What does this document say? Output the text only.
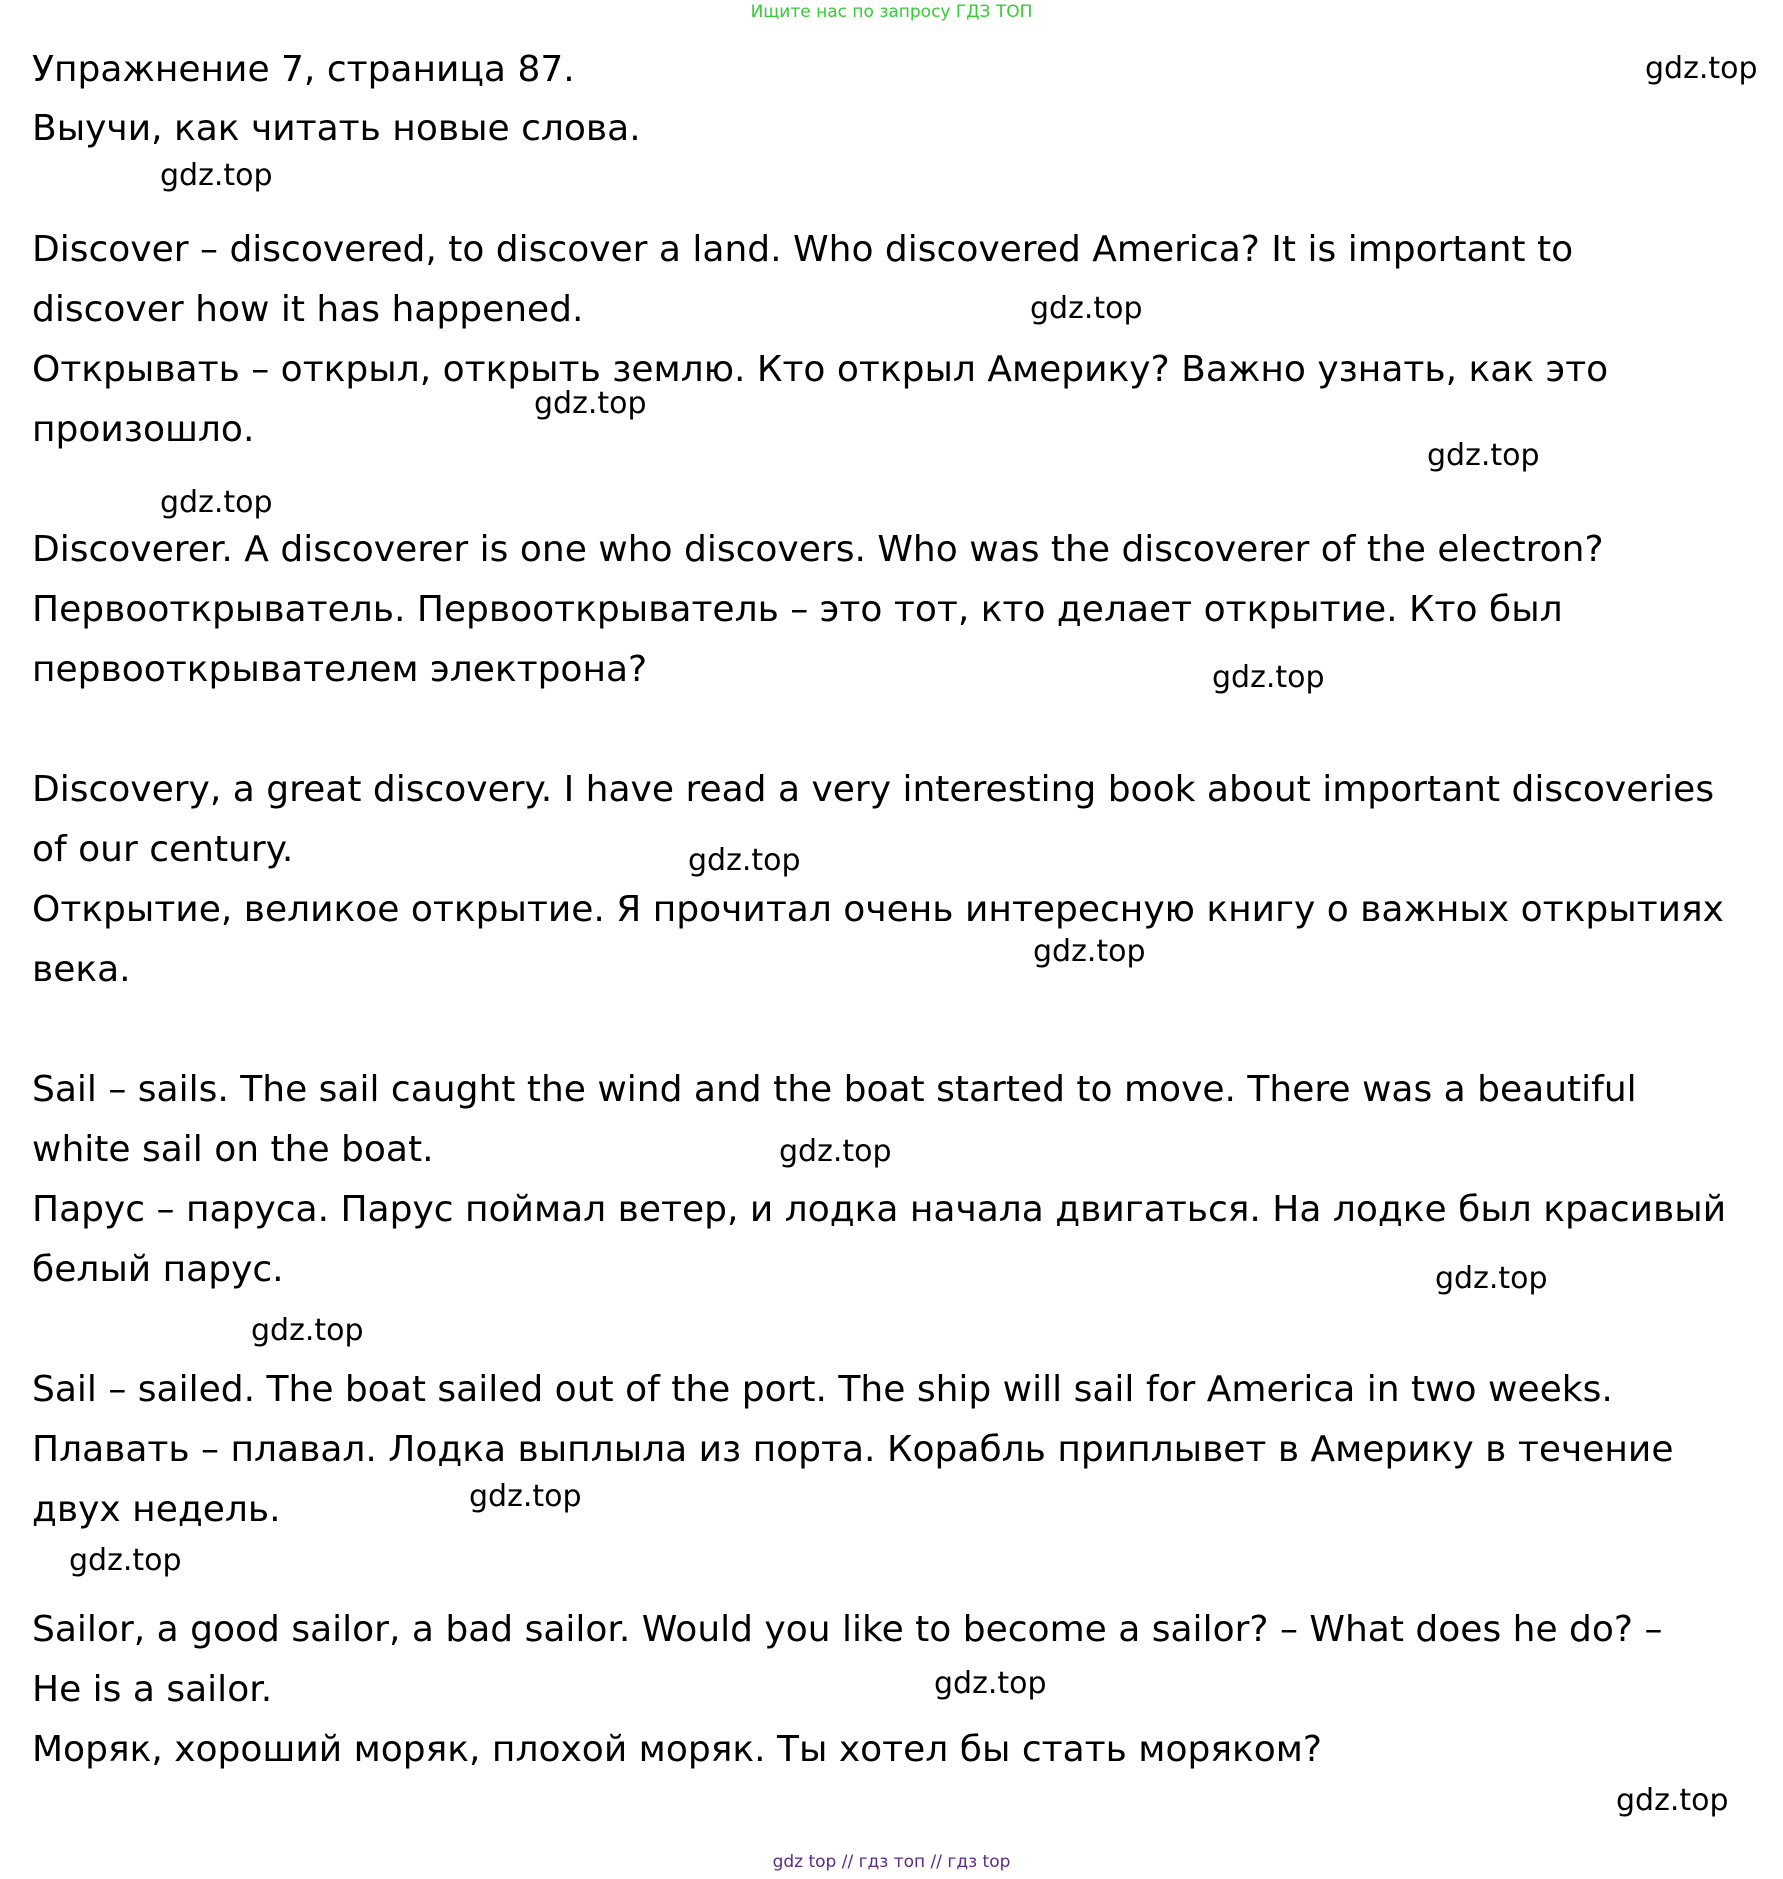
Ищите нас по запросу ГДЗ ТОП
Упражнение 7, страница 87.
Выучи, как читать новые слова.
Discover – discovered, to discover a land. Who discovered America? It is important to
discover how it has happened.
Открывать – открыл, открыть землю. Кто открыл Америку? Важно узнать, как это
произошло.
Discoverer. A discoverer is one who discovers. Who was the discoverer of the electron?
Первооткрыватель. Первооткрыватель – это тот, кто делает открытие. Кто был
первооткрывателем электрона?
Discovery, a great discovery. I have read a very interesting book about important discoveries
of our century.
Открытие, великое открытие. Я прочитал очень интересную книгу о важных открытиях
века.
Sail – sails. The sail caught the wind and the boat started to move. There was a beautiful
white sail on the boat.
Парус – паруса. Парус поймал ветер, и лодка начала двигаться. На лодке был красивый
белый парус.
Sail – sailed. The boat sailed out of the port. The ship will sail for America in two weeks.
Плавать – плавал. Лодка выплыла из порта. Корабль приплывет в Америку в течение
двух недель.
Sailor, a good sailor, a bad sailor. Would you like to become a sailor? – What does he do? –
He is a sailor.
Моряк, хороший моряк, плохой моряк. Ты хотел бы стать моряком?
gdz.top
gdz.top
gdz.top
gdz.top
gdz.top
gdz.top
gdz.top
gdz.top
gdz.top
gdz.top
gdz.top
gdz.top
gdz.top
gdz.top
gdz.top
gdz.top
gdz top // гдз топ // гдз top
